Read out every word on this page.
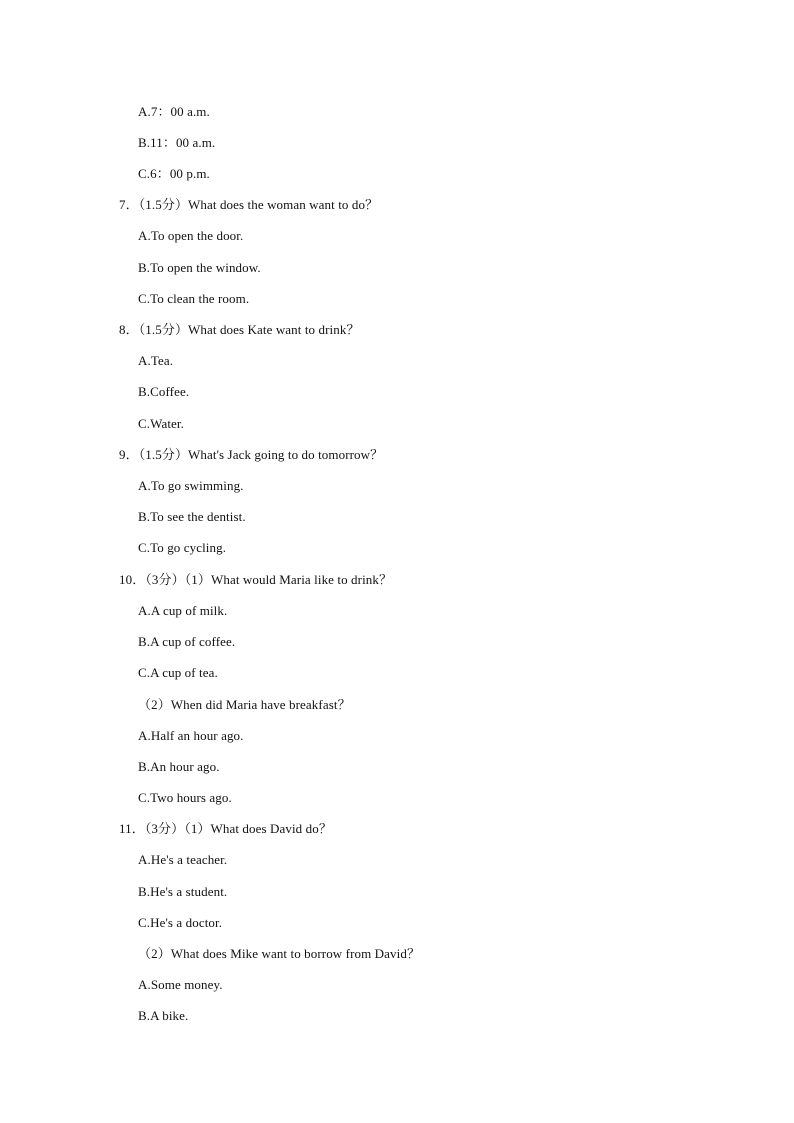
A.7：00 a.m.
B.11：00 a.m.
C.6：00 p.m.
7．（1.5分）What does the woman want to do？
A.To open the door.
B.To open the window.
C.To clean the room.
8．（1.5分）What does Kate want to drink？
A.Tea.
B.Coffee.
C.Water.
9．（1.5分）What's Jack going to do tomorrow？
A.To go swimming.
B.To see the dentist.
C.To go cycling.
10．（3分）（1）What would Maria like to drink？
A.A cup of milk.
B.A cup of coffee.
C.A cup of tea.
（2）When did Maria have breakfast？
A.Half an hour ago.
B.An hour ago.
C.Two hours ago.
11．（3分）（1）What does David do？
A.He's a teacher.
B.He's a student.
C.He's a doctor.
（2）What does Mike want to borrow from David？
A.Some money.
B.A bike.
